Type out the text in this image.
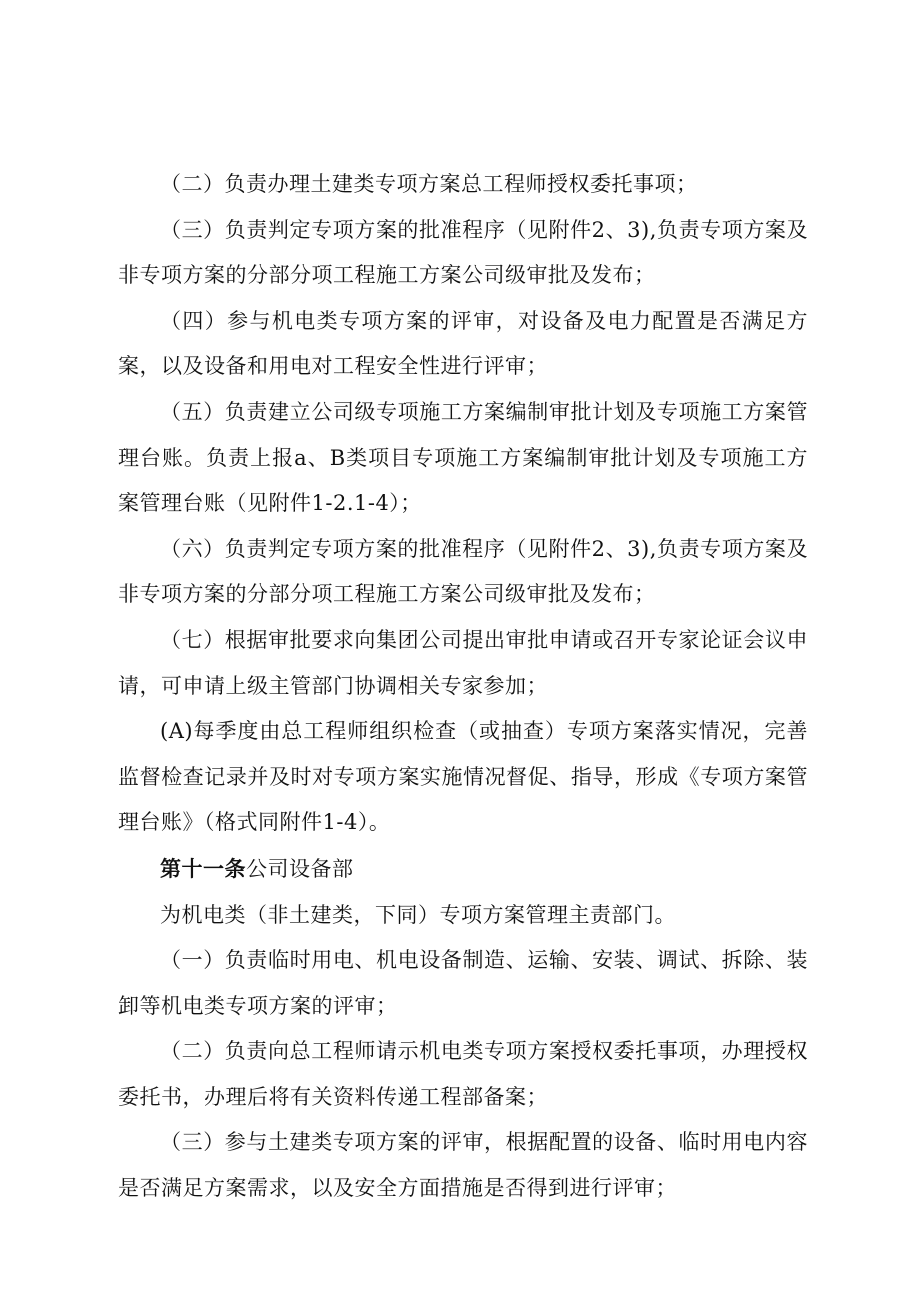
（二）负责办理土建类专项方案总工程师授权委托事项；

（三）负责判定专项方案的批准程序（见附件2、3),负责专项方案及非专项方案的分部分项工程施工方案公司级审批及发布；

（四）参与机电类专项方案的评审，对设备及电力配置是否满足方案，以及设备和用电对工程安全性进行评审；

（五）负责建立公司级专项施工方案编制审批计划及专项施工方案管理台账。负责上报a、B类项目专项施工方案编制审批计划及专项施工方案管理台账（见附件1-2.1-4）；

（六）负责判定专项方案的批准程序（见附件2、3),负责专项方案及非专项方案的分部分项工程施工方案公司级审批及发布；

（七）根据审批要求向集团公司提出审批申请或召开专家论证会议申请，可申请上级主管部门协调相关专家参加；

(A)每季度由总工程师组织检查（或抽查）专项方案落实情况，完善监督检查记录并及时对专项方案实施情况督促、指导，形成《专项方案管理台账》（格式同附件1-4）。

第十一条公司设备部

为机电类（非土建类，下同）专项方案管理主责部门。

（一）负责临时用电、机电设备制造、运输、安装、调试、拆除、装卸等机电类专项方案的评审；

（二）负责向总工程师请示机电类专项方案授权委托事项，办理授权委托书，办理后将有关资料传递工程部备案；

（三）参与土建类专项方案的评审，根据配置的设备、临时用电内容是否满足方案需求，以及安全方面措施是否得到进行评审；
